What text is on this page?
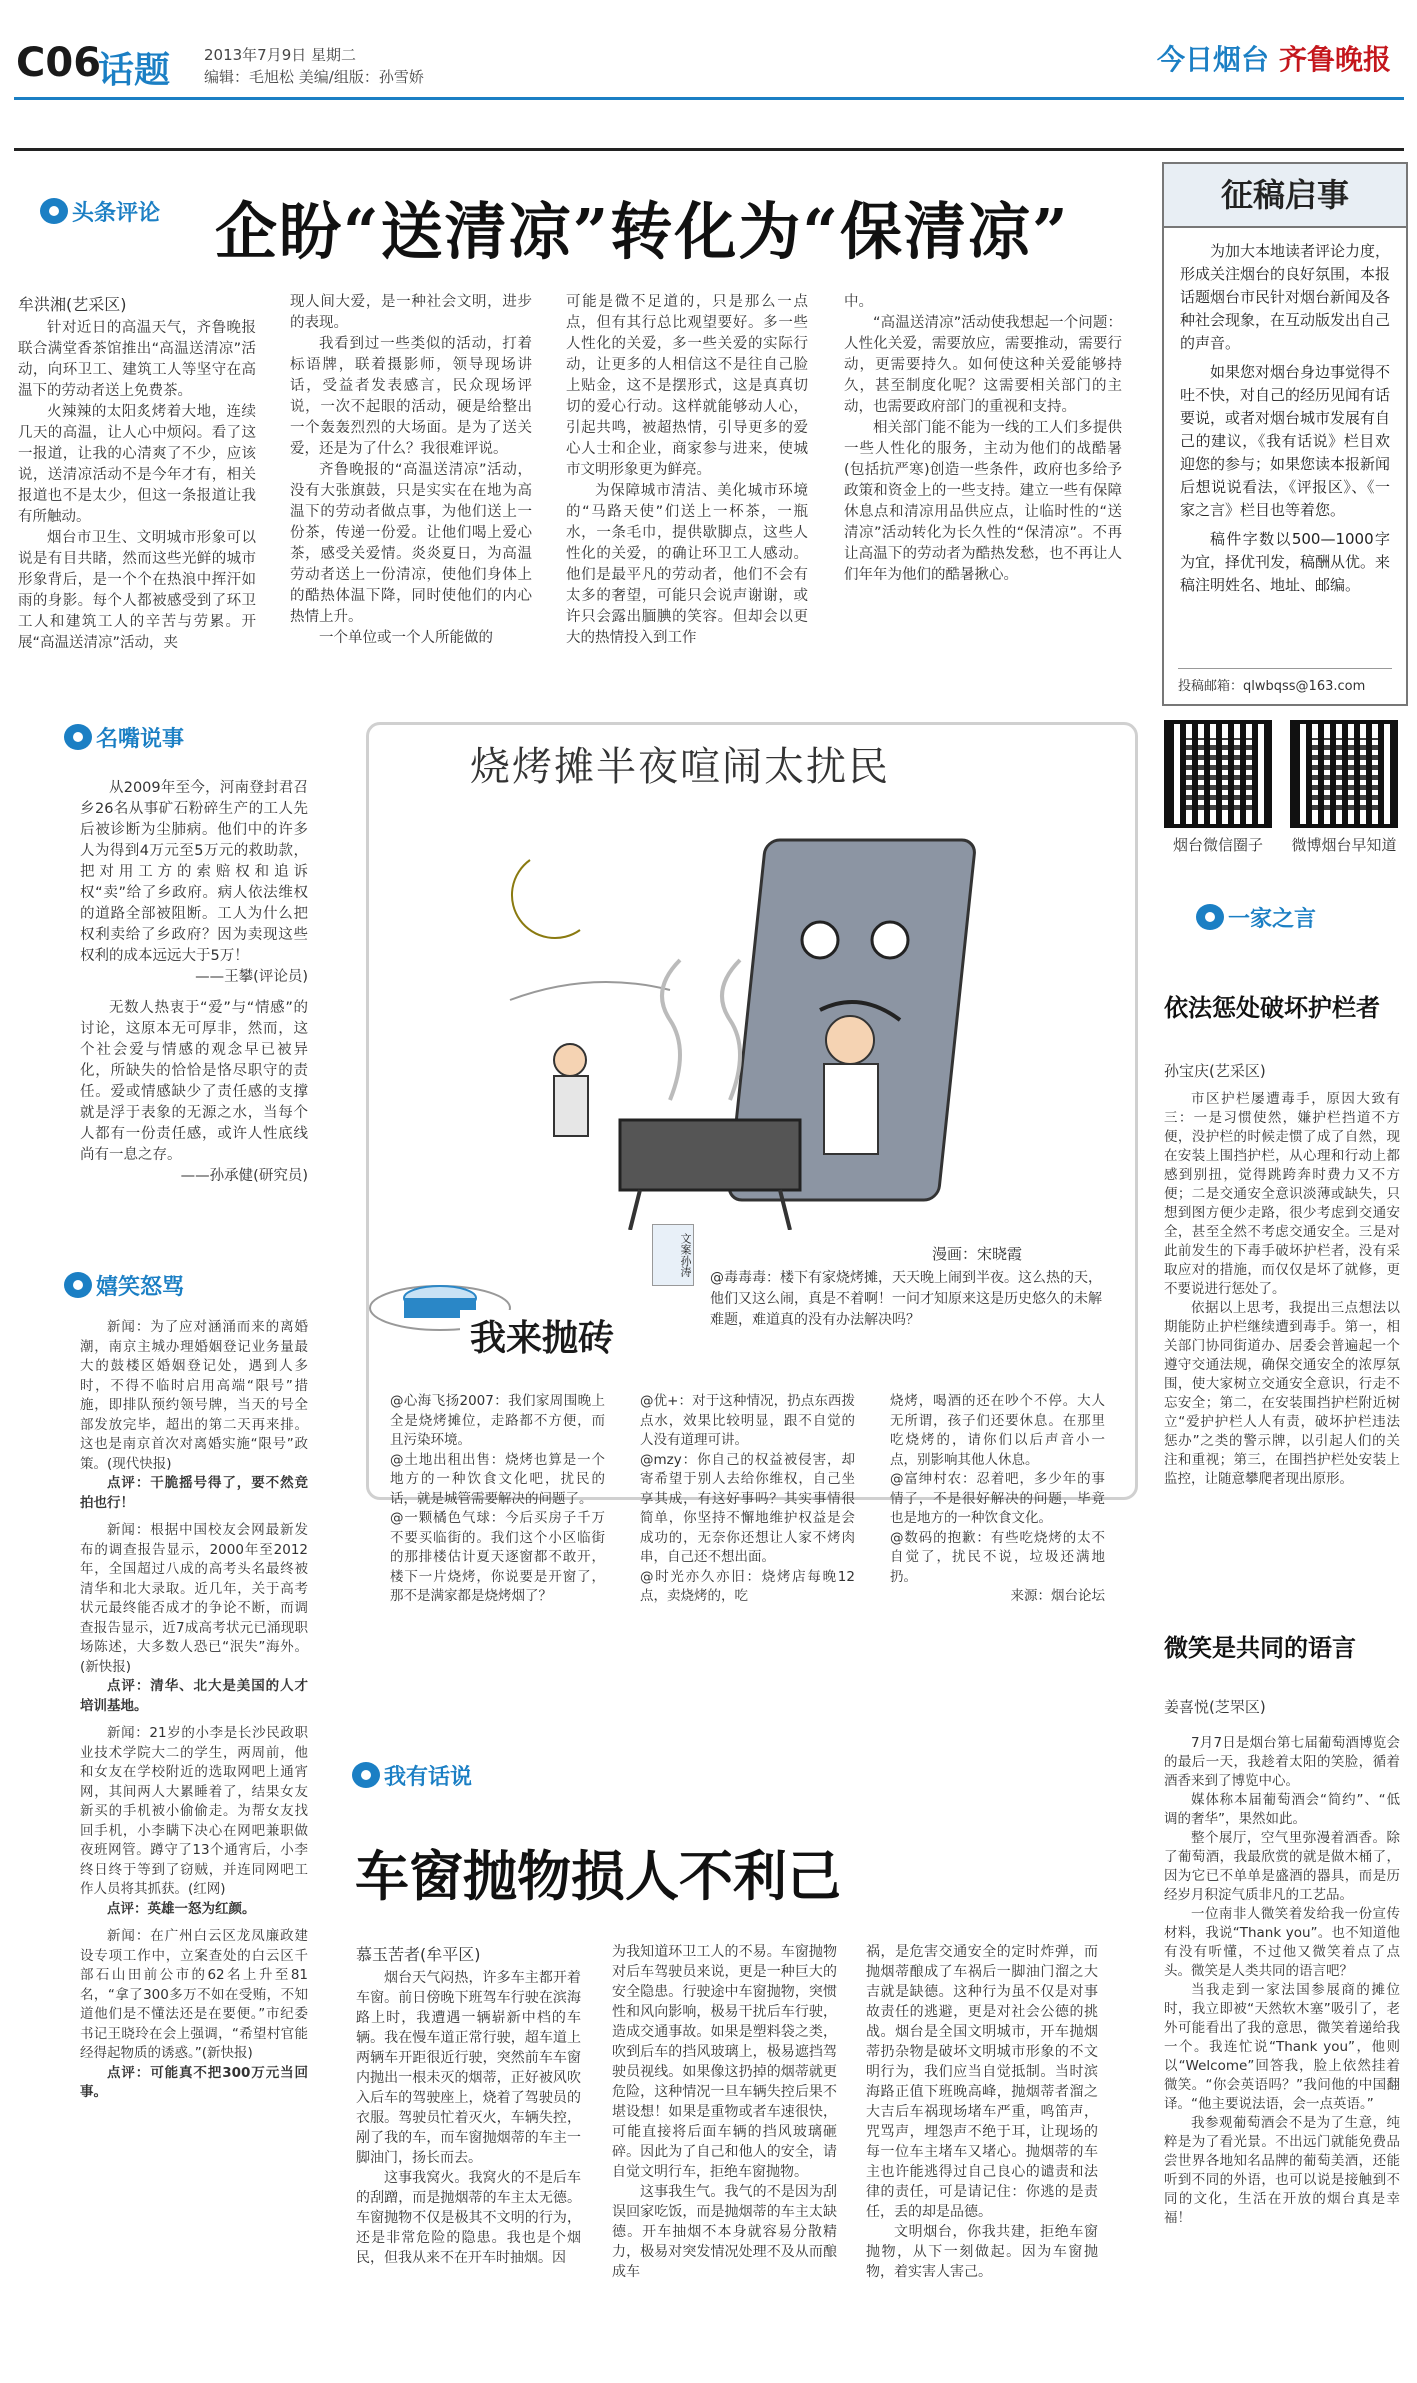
C06
话题 2013年7月9日 星期二
编辑：毛旭松 美编/组版：孙雪娇
今日烟台 齐鲁晚报
头条评论 企盼“送清凉”转化为“保清凉”
牟洪湘(艺采区)

针对近日的高温天气，齐鲁晚报联合满堂香茶馆推出“高温送清凉”活动，向环卫工、建筑工人等坚守在高温下的劳动者送上免费茶。

火辣辣的太阳炙烤着大地，连续几天的高温，让人心中烦闷。看了这一报道，让我的心清爽了不少，应该说，送清凉活动不是今年才有，相关报道也不是太少，但这一条报道让我有所触动。

烟台市卫生、文明城市形象可以说是有目共睹，然而这些光鲜的城市形象背后，是一个个在热浪中挥汗如雨的身影。每个人都被感受到了环卫工人和建筑工人的辛苦与劳累。开展“高温送清凉”活动，夹

现人间大爱，是一种社会文明，进步的表现。

我看到过一些类似的活动，打着标语牌，联着摄影师，领导现场讲话，受益者发表感言，民众现场评说，一次不起眼的活动，硬是给整出一个轰轰烈烈的大场面。是为了送关爱，还是为了什么？我很难评说。

齐鲁晚报的“高温送清凉”活动，没有大张旗鼓，只是实实在在地为高温下的劳动者做点事，为他们送上一份茶，传递一份爱。让他们喝上爱心茶，感受关爱情。炎炎夏日，为高温劳动者送上一份清凉，使他们身体上的酷热体温下降，同时使他们的内心热情上升。

一个单位或一个人所能做的

可能是微不足道的，只是那么一点点，但有其行总比观望要好。多一些人性化的关爱，多一些关爱的实际行动，让更多的人相信这不是往自己脸上贴金，这不是摆形式，这是真真切切的爱心行动。这样就能够动人心，引起共鸣，被超热情，引导更多的爱心人士和企业，商家参与进来，使城市文明形象更为鲜亮。

为保障城市清洁、美化城市环境的“马路天使”们送上一杯茶，一瓶水，一条毛巾，提供歇脚点，这些人性化的关爱，的确让环卫工人感动。他们是最平凡的劳动者，他们不会有太多的奢望，可能只会说声谢谢，或许只会露出腼腆的笑容。但却会以更大的热情投入到工作

中。

“高温送清凉”活动使我想起一个问题：人性化关爱，需要放应，需要推动，需要行动，更需要持久。如何使这种关爱能够持久，甚至制度化呢？这需要相关部门的主动，也需要政府部门的重视和支持。

相关部门能不能为一线的工人们多提供一些人性化的服务，主动为他们的战酷暑(包括抗严寒)创造一些条件，政府也多给予政策和资金上的一些支持。建立一些有保障休息点和清凉用品供应点，让临时性的“送清凉”活动转化为长久性的“保清凉”。不再让高温下的劳动者为酷热发愁，也不再让人们年年为他们的酷暑揪心。

征稿启事

为加大本地读者评论力度，形成关注烟台的良好氛围，本报话题烟台市民针对烟台新闻及各种社会现象，在互动版发出自己的声音。

如果您对烟台身边事觉得不吐不快，对自己的经历见闻有话要说，或者对烟台城市发展有自己的建议，《我有话说》栏目欢迎您的参与；如果您读本报新闻后想说说看法，《评报区》、《一家之言》栏目也等着您。

稿件字数以500—1000字为宜，择优刊发，稿酬从优。来稿注明姓名、地址、邮编。

投稿邮箱：qlwbqss@163.com
烟台微信圈子	微博烟台早知道
名嘴说事

从2009年至今，河南登封君召乡26名从事矿石粉碎生产的工人先后被诊断为尘肺病。他们中的许多人为得到4万元至5万元的救助款，把对用工方的索赔权和追诉权“卖”给了乡政府。病人依法维权的道路全部被阻断。工人为什么把权利卖给了乡政府？因为卖现这些权利的成本远远大于5万！

——王攀(评论员)

无数人热衷于“爱”与“情感”的讨论，这原本无可厚非，然而，这个社会爱与情感的观念早已被异化，所缺失的恰恰是恪尽职守的责任。爱或情感缺少了责任感的支撑就是浮于表象的无源之水，当每个人都有一份责任感，或许人性底线尚有一息之存。

——孙承健(研究员)
嬉笑怒骂

新闻：为了应对涵涌而来的离婚潮，南京主城办理婚姻登记业务量最大的鼓楼区婚姻登记处，遇到人多时，不得不临时启用高端“限号”措施，即排队预约领号牌，当天的号全部发放完毕，超出的第二天再来排。这也是南京首次对离婚实施“限号”政策。(现代快报)

点评：干脆摇号得了，要不然竞拍也行！

新闻：根据中国校友会网最新发布的调查报告显示，2000年至2012年，全国超过八成的高考头名最终被清华和北大录取。近几年，关于高考状元最终能否成才的争论不断，而调查报告显示，近7成高考状元已涌现职场陈述，大多数人恐已“泯失”海外。(新快报)

点评：清华、北大是美国的人才培训基地。

新闻：21岁的小李是长沙民政职业技术学院大二的学生，两周前，他和女友在学校附近的选取网吧上通宵网，其间两人大累睡着了，结果女友新买的手机被小偷偷走。为帮女友找回手机，小李瞒下决心在网吧兼职做夜班网管。蹲守了13个通宵后，小李终日终于等到了窃贼，并连同网吧工作人员将其抓获。(红网)

点评：英雄一怒为红颜。

新闻：在广州白云区龙凤廉政建设专项工作中，立案查处的白云区千部石山田前公市的62名上升至81名，“拿了300多万不如在受贿，不知道他们是不懂法还是在要便。”市纪委书记王晓玲在会上强调，“希望村官能经得起物质的诱惑。”(新快报)

点评：可能真不把300万元当回事。

烧烤摊半夜喧闹太扰民
文案孙涛	漫画：宋晓霞
我来抛砖
@毒毒毒：楼下有家烧烤摊，天天晚上闹到半夜。这么热的天，他们又这么闹，真是不着啊！一问才知原来这是历史悠久的未解难题，难道真的没有办法解决吗？

@心海飞扬2007：我们家周围晚上全是烧烤摊位，走路都不方便，而且污染环境。

@土地出租出售：烧烤也算是一个地方的一种饮食文化吧，扰民的话，就是城管需要解决的问题了。

@一颗橘色气球：今后买房子千万不要买临街的。我们这个小区临街的那排楼估计夏天逐窗都不敢开，楼下一片烧烤，你说要是开窗了，那不是满家都是烧烤烟了？

@优+：对于这种情况，扔点东西拨点水，效果比较明显，跟不自觉的人没有道理可讲。

@mzy：你自己的权益被侵害，却寄希望于别人去给你维权，自己坐享其成，有这好事吗？其实事情很简单，你坚持不懈地维护权益是会成功的，无奈你还想让人家不烤肉串，自己还不想出面。

@时光亦久亦旧：烧烤店每晚12点，卖烧烤的，吃

烧烤，喝酒的还在吵个不停。大人无所谓，孩子们还要休息。在那里吃烧烤的，请你们以后声音小一点，别影响其他人休息。

@富绅村农：忍着吧，多少年的事情了，不是很好解决的问题，毕竟也是地方的一种饮食文化。

@数码的抱歉：有些吃烧烤的太不自觉了，扰民不说，垃圾还满地扔。

来源：烟台论坛
我有话说
车窗抛物损人不利己
慕玉苦者(牟平区)

烟台天气闷热，许多车主都开着车窗。前日傍晚下班驾车行驶在滨海路上时，我遭遇一辆崭新中档的车辆。我在慢车道正常行驶，超车道上两辆车开距很近行驶，突然前车车窗内抛出一根未灭的烟蒂，正好被风吹入后车的驾驶座上，烧着了驾驶员的衣服。驾驶员忙着灭火，车辆失控，剐了我的车，而车窗抛烟蒂的车主一脚油门，扬长而去。

这事我窝火。我窝火的不是后车的刮蹭，而是抛烟蒂的车主太无德。车窗抛物不仅是极其不文明的行为，还是非常危险的隐患。我也是个烟民，但我从来不在开车时抽烟。因

为我知道环卫工人的不易。车窗抛物对后车驾驶员来说，更是一种巨大的安全隐患。行驶途中车窗抛物，突惯性和风向影响，极易干扰后车行驶，造成交通事故。如果是塑料袋之类，吹到后车的挡风玻璃上，极易遮挡驾驶员视线。如果像这扔掉的烟蒂就更危险，这种情况一旦车辆失控后果不堪设想！如果是重物或者车速很快，可能直接将后面车辆的挡风玻璃砸碎。因此为了自己和他人的安全，请自觉文明行车，拒绝车窗抛物。

这事我生气。我气的不是因为刮误回家吃饭，而是抛烟蒂的车主太缺德。开车抽烟不本身就容易分散精力，极易对突发情况处理不及从而酿成车

祸，是危害交通安全的定时炸弹，而抛烟蒂酿成了车祸后一脚油门溜之大吉就是缺德。这种行为虽不仅是对事故责任的逃避，更是对社会公德的挑战。烟台是全国文明城市，开车抛烟蒂扔杂物是破坏文明城市形象的不文明行为，我们应当自觉抵制。当时滨海路正值下班晚高峰，抛烟蒂者溜之大吉后车祸现场堵车严重，鸣笛声，咒骂声，埋怨声不绝于耳，让现场的每一位车主堵车又堵心。抛烟蒂的车主也许能逃得过自己良心的谴责和法律的责任，可是请记住：你逃的是责任，丢的却是品德。

文明烟台，你我共建，拒绝车窗抛物，从下一刻做起。因为车窗抛物，着实害人害己。

一家之言
依法惩处破坏护栏者
孙宝庆(艺采区)

市区护栏屡遭毒手，原因大致有三：一是习惯使然，嫌护栏挡道不方便，没护栏的时候走惯了成了自然，现在安装上围挡护栏，从心理和行动上都感到别扭，觉得跳跨奔时费力又不方便；二是交通安全意识淡薄或缺失，只想到图方便少走路，很少考虑到交通安全，甚至全然不考虑交通安全。三是对此前发生的下毒手破坏护栏者，没有采取应对的措施，而仅仅是坏了就修，更不要说进行惩处了。

依据以上思考，我提出三点想法以期能防止护栏继续遭到毒手。第一，相关部门协同街道办、居委会普遍起一个遵守交通法规，确保交通安全的浓厚氛围，使大家树立交通安全意识，行走不忘安全；第二，在安装围挡护栏附近树立“爱护护栏人人有责，破坏护栏违法惩办”之类的警示牌，以引起人们的关注和重视；第三，在围挡护栏处安装上监控，让随意攀爬者现出原形。

微笑是共同的语言
姜喜悦(芝罘区)

7月7日是烟台第七届葡萄酒博览会的最后一天，我趁着太阳的笑脸，循着酒香来到了博览中心。

媒体称本届葡萄酒会“简约”、“低调的奢华”，果然如此。

整个展厅，空气里弥漫着酒香。除了葡萄酒，我最欣赏的就是做木桶了，因为它已不单单是盛酒的器具，而是历经岁月积淀气质非凡的工艺品。

一位南非人微笑着发给我一份宣传材料，我说“Thank you”。也不知道他有没有听懂，不过他又微笑着点了点头。微笑是人类共同的语言吧？

当我走到一家法国参展商的摊位时，我立即被“天然软木塞”吸引了，老外可能看出了我的意思，微笑着递给我一个。我连忙说“Thank you”，他则以“Welcome”回答我，脸上依然挂着微笑。“你会英语吗？”我问他的中国翻译。“他主要说法语，会一点英语。”

我参观葡萄酒会不是为了生意，纯粹是为了看光景。不出远门就能免费品尝世界各地知名品牌的葡萄美酒，还能听到不同的外语，也可以说是接触到不同的文化，生活在开放的烟台真是幸福！
